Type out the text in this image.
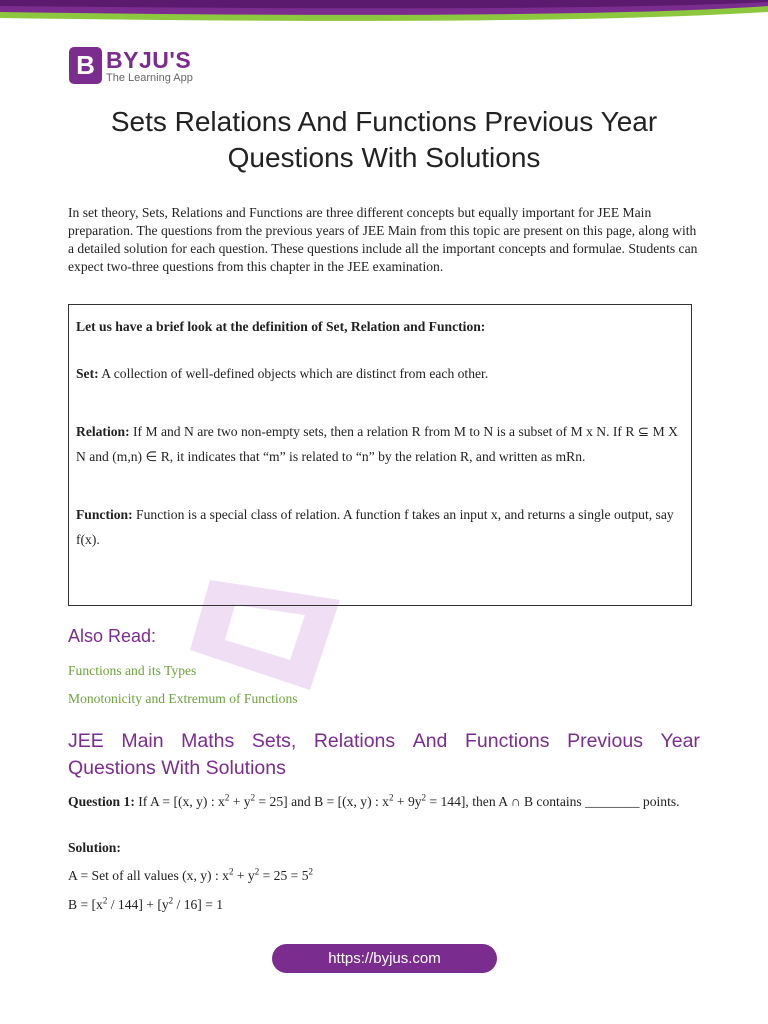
B BYJU'S
The Learning App
Sets Relations And Functions Previous Year Questions With Solutions

In set theory, Sets, Relations and Functions are three different concepts but equally important for JEE Main preparation. The questions from the previous years of JEE Main from this topic are present on this page, along with a detailed solution for each question. These questions include all the important concepts and formulae. Students can expect two-three questions from this chapter in the JEE examination.

Let us have a brief look at the definition of Set, Relation and Function:

Set: A collection of well-defined objects which are distinct from each other.

Relation: If M and N are two non-empty sets, then a relation R from M to N is a subset of M x N. If R ⊆ M X N and (m,n) ∈ R, it indicates that “m” is related to “n” by the relation R, and written as mRn.

Function: Function is a special class of relation. A function f takes an input x, and returns a single output, say f(x).

Also Read:
Functions and its Types
Monotonicity and Extremum of Functions
JEE Main Maths Sets, Relations And Functions Previous Year
Questions With Solutions

Question 1: If A = [(x, y) : $x^2 + y^2 = 25$] and B = [(x, y) : $x^2 + 9y^2 = 144$], then A ∩ B contains ________ points.

Solution:

A = Set of all values (x, y) : $x^2 + y^2 = 25 = 5^2$

$B = [x^2 / 144] + [y^2 / 16] = 1$

https://byjus.com
